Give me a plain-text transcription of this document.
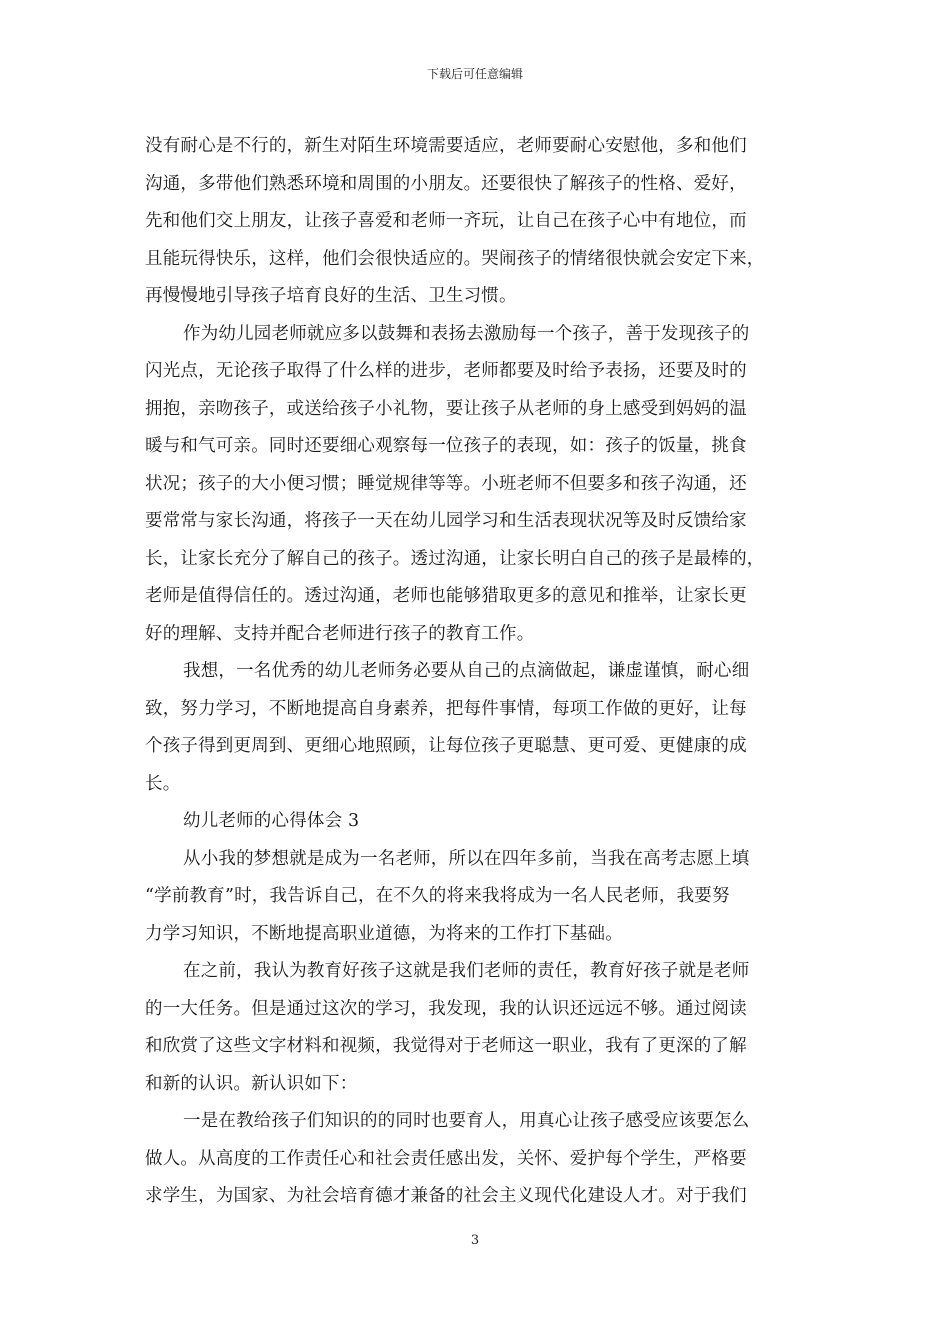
下载后可任意编辑
没有耐心是不行的，新生对陌生环境需要适应，老师要耐心安慰他，多和他们
沟通，多带他们熟悉环境和周围的小朋友。还要很快了解孩子的性格、爱好，
先和他们交上朋友，让孩子喜爱和老师一齐玩，让自己在孩子心中有地位，而
且能玩得快乐，这样，他们会很快适应的。哭闹孩子的情绪很快就会安定下来，
再慢慢地引导孩子培育良好的生活、卫生习惯。
作为幼儿园老师就应多以鼓舞和表扬去激励每一个孩子，善于发现孩子的
闪光点，无论孩子取得了什么样的进步，老师都要及时给予表扬，还要及时的
拥抱，亲吻孩子，或送给孩子小礼物，要让孩子从老师的身上感受到妈妈的温
暖与和气可亲。同时还要细心观察每一位孩子的表现，如：孩子的饭量，挑食
状况；孩子的大小便习惯；睡觉规律等等。小班老师不但要多和孩子沟通，还
要常常与家长沟通，将孩子一天在幼儿园学习和生活表现状况等及时反馈给家
长，让家长充分了解自己的孩子。透过沟通，让家长明白自己的孩子是最棒的，
老师是值得信任的。透过沟通，老师也能够猎取更多的意见和推举，让家长更
好的理解、支持并配合老师进行孩子的教育工作。
我想，一名优秀的幼儿老师务必要从自己的点滴做起，谦虚谨慎，耐心细
致，努力学习，不断地提高自身素养，把每件事情，每项工作做的更好，让每
个孩子得到更周到、更细心地照顾，让每位孩子更聪慧、更可爱、更健康的成
长。
幼儿老师的心得体会 3
从小我的梦想就是成为一名老师，所以在四年多前，当我在高考志愿上填
“学前教育”时，我告诉自己，在不久的将来我将成为一名人民老师，我要努
力学习知识，不断地提高职业道德，为将来的工作打下基础。
在之前，我认为教育好孩子这就是我们老师的责任，教育好孩子就是老师
的一大任务。但是通过这次的学习，我发现，我的认识还远远不够。通过阅读
和欣赏了这些文字材料和视频，我觉得对于老师这一职业，我有了更深的了解
和新的认识。新认识如下：
一是在教给孩子们知识的的同时也要育人，用真心让孩子感受应该要怎么
做人。从高度的工作责任心和社会责任感出发，关怀、爱护每个学生，严格要
求学生，为国家、为社会培育德才兼备的社会主义现代化建设人才。对于我们
3
